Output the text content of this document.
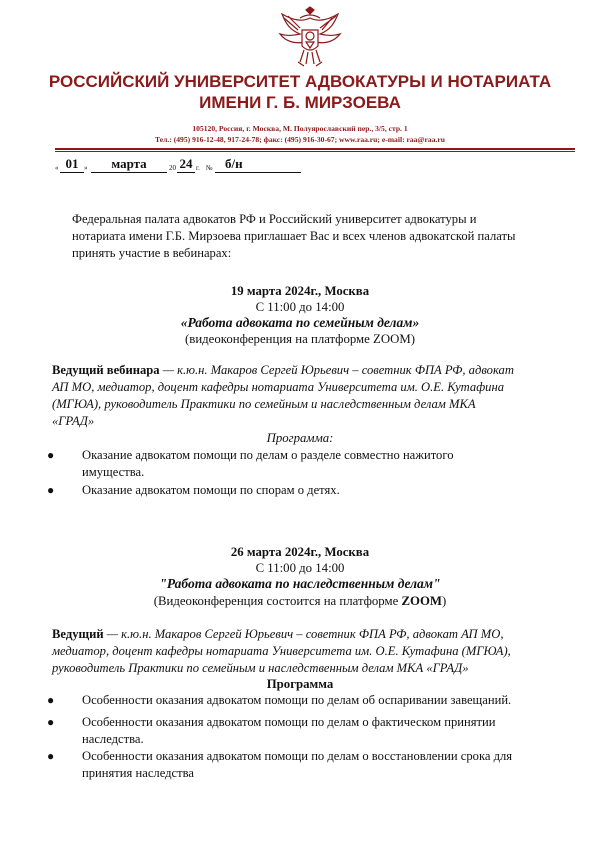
РОССИЙСКИЙ УНИВЕРСИТЕТ АДВОКАТУРЫ И НОТАРИАТА
ИМЕНИ Г. Б. МИРЗОЕВА
105120, Россия, г. Москва, М. Полуярославский пер., 3/5, стр. 1
Тел.: (495) 916-12-48, 917-24-78; факс: (495) 916-30-67; www.raa.ru; e-mail: raa@raa.ru
« 01 »	марта	20 24 г. № б/н
Федеральная палата адвокатов РФ и Российский университет адвокатуры и
нотариата имени Г.Б. Мирзоева приглашает Вас и всех членов адвокатской палаты
принять участие в вебинарах:
19 марта 2024г., Москва
С 11:00 до 14:00
«Работа адвоката по семейным делам»
(видеоконференция на платформе ZOOM)
Ведущий вебинара — к.ю.н. Макаров Сергей Юрьевич – советник ФПА РФ, адвокат
АП МО, медиатор, доцент кафедры нотариата Университета им. О.Е. Кутафина
(МГЮА), руководитель Практики по семейным и наследственным делам МКА
«ГРАД»
Программа:
● Оказание адвокатом помощи по делам о разделе совместно нажитого
имущества.
● Оказание адвокатом помощи по спорам о детях.
26 марта 2024г., Москва
С 11:00 до 14:00
"Работа адвоката по наследственным делам"
(Видеоконференция состоится на платформе ZOOM)
Ведущий — к.ю.н. Макаров Сергей Юрьевич – советник ФПА РФ, адвокат АП МО,
медиатор, доцент кафедры нотариата Университета им. О.Е. Кутафина (МГЮА),
руководитель Практики по семейным и наследственным делам МКА «ГРАД»
Программа
● Особенности оказания адвокатом помощи по делам об оспаривании завещаний.
● Особенности оказания адвокатом помощи по делам о фактическом принятии
наследства.
● Особенности оказания адвокатом помощи по делам о восстановлении срока для
принятия наследства
